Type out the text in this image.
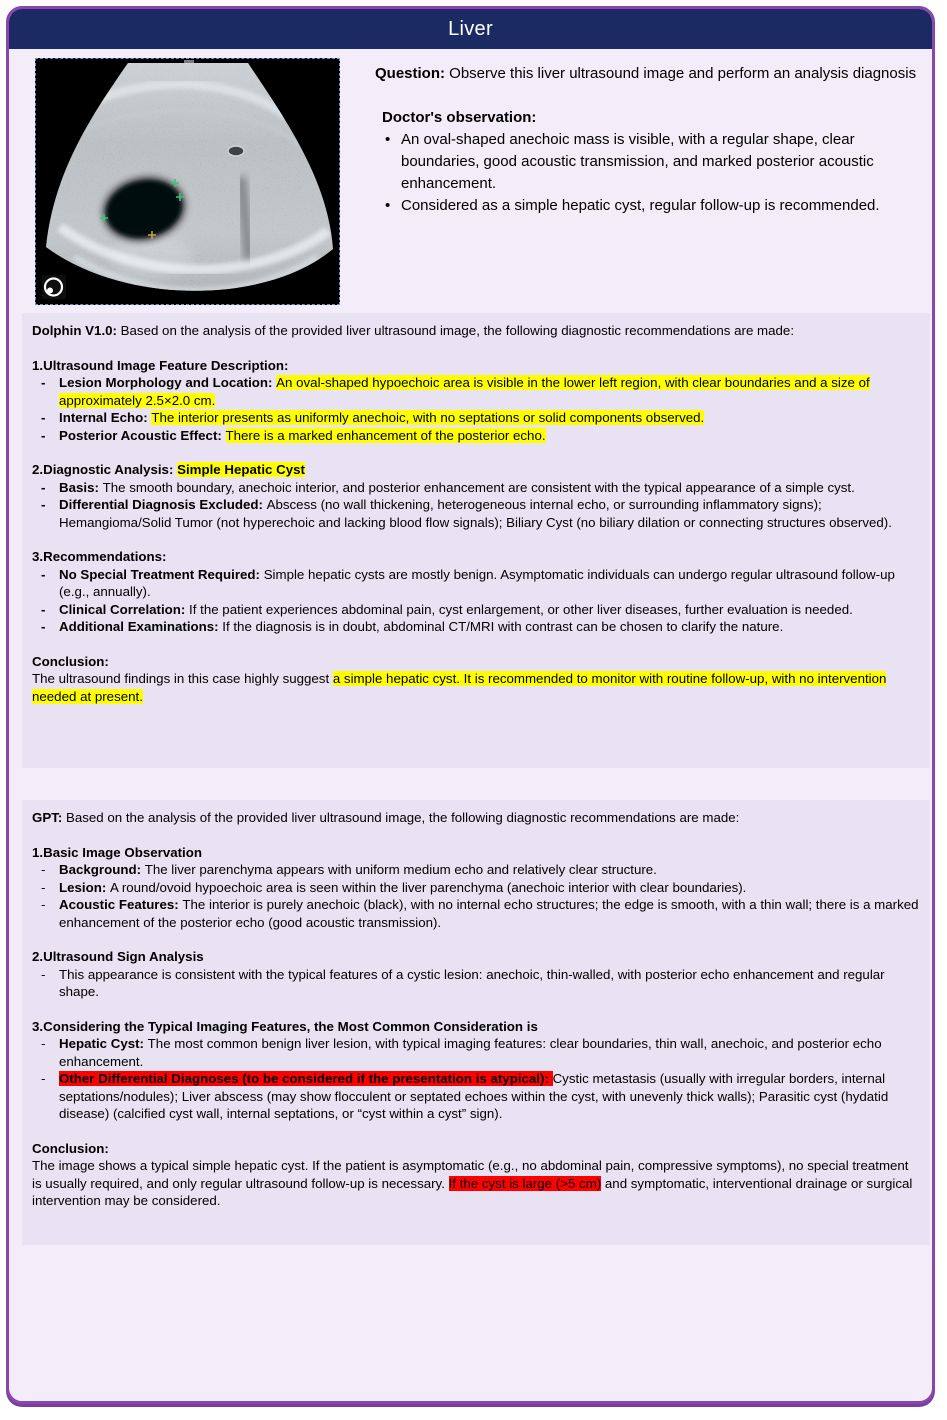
Liver
Question: Observe this liver ultrasound image and perform an analysis diagnosis
Doctor's observation:
• An oval-shaped anechoic mass is visible, with a regular shape, clear boundaries, good acoustic transmission, and marked posterior acoustic enhancement.
• Considered as a simple hepatic cyst, regular follow-up is recommended.
Dolphin V1.0: Based on the analysis of the provided liver ultrasound image, the following diagnostic recommendations are made:
1.Ultrasound Image Feature Description:
- Lesion Morphology and Location: An oval-shaped hypoechoic area is visible in the lower left region, with clear boundaries and a size of approximately 2.5×2.0 cm.
- Internal Echo: The interior presents as uniformly anechoic, with no septations or solid components observed.
- Posterior Acoustic Effect: There is a marked enhancement of the posterior echo.
2.Diagnostic Analysis: Simple Hepatic Cyst
- Basis: The smooth boundary, anechoic interior, and posterior enhancement are consistent with the typical appearance of a simple cyst.
- Differential Diagnosis Excluded: Abscess (no wall thickening, heterogeneous internal echo, or surrounding inflammatory signs); Hemangioma/Solid Tumor (not hyperechoic and lacking blood flow signals); Biliary Cyst (no biliary dilation or connecting structures observed).
3.Recommendations:
- No Special Treatment Required: Simple hepatic cysts are mostly benign. Asymptomatic individuals can undergo regular ultrasound follow-up (e.g., annually).
- Clinical Correlation: If the patient experiences abdominal pain, cyst enlargement, or other liver diseases, further evaluation is needed.
- Additional Examinations: If the diagnosis is in doubt, abdominal CT/MRI with contrast can be chosen to clarify the nature.
Conclusion:
The ultrasound findings in this case highly suggest a simple hepatic cyst. It is recommended to monitor with routine follow-up, with no intervention needed at present.
GPT: Based on the analysis of the provided liver ultrasound image, the following diagnostic recommendations are made:
1.Basic Image Observation
- Background: The liver parenchyma appears with uniform medium echo and relatively clear structure.
- Lesion: A round/ovoid hypoechoic area is seen within the liver parenchyma (anechoic interior with clear boundaries).
- Acoustic Features: The interior is purely anechoic (black), with no internal echo structures; the edge is smooth, with a thin wall; there is a marked enhancement of the posterior echo (good acoustic transmission).
2.Ultrasound Sign Analysis
- This appearance is consistent with the typical features of a cystic lesion: anechoic, thin-walled, with posterior echo enhancement and regular shape.
3.Considering the Typical Imaging Features, the Most Common Consideration is
- Hepatic Cyst: The most common benign liver lesion, with typical imaging features: clear boundaries, thin wall, anechoic, and posterior echo enhancement.
- Other Differential Diagnoses (to be considered if the presentation is atypical): Cystic metastasis (usually with irregular borders, internal septations/nodules); Liver abscess (may show flocculent or septated echoes within the cyst, with unevenly thick walls); Parasitic cyst (hydatid disease) (calcified cyst wall, internal septations, or “cyst within a cyst” sign).
Conclusion:
The image shows a typical simple hepatic cyst. If the patient is asymptomatic (e.g., no abdominal pain, compressive symptoms), no special treatment is usually required, and only regular ultrasound follow-up is necessary. If the cyst is large (>5 cm) and symptomatic, interventional drainage or surgical intervention may be considered.
